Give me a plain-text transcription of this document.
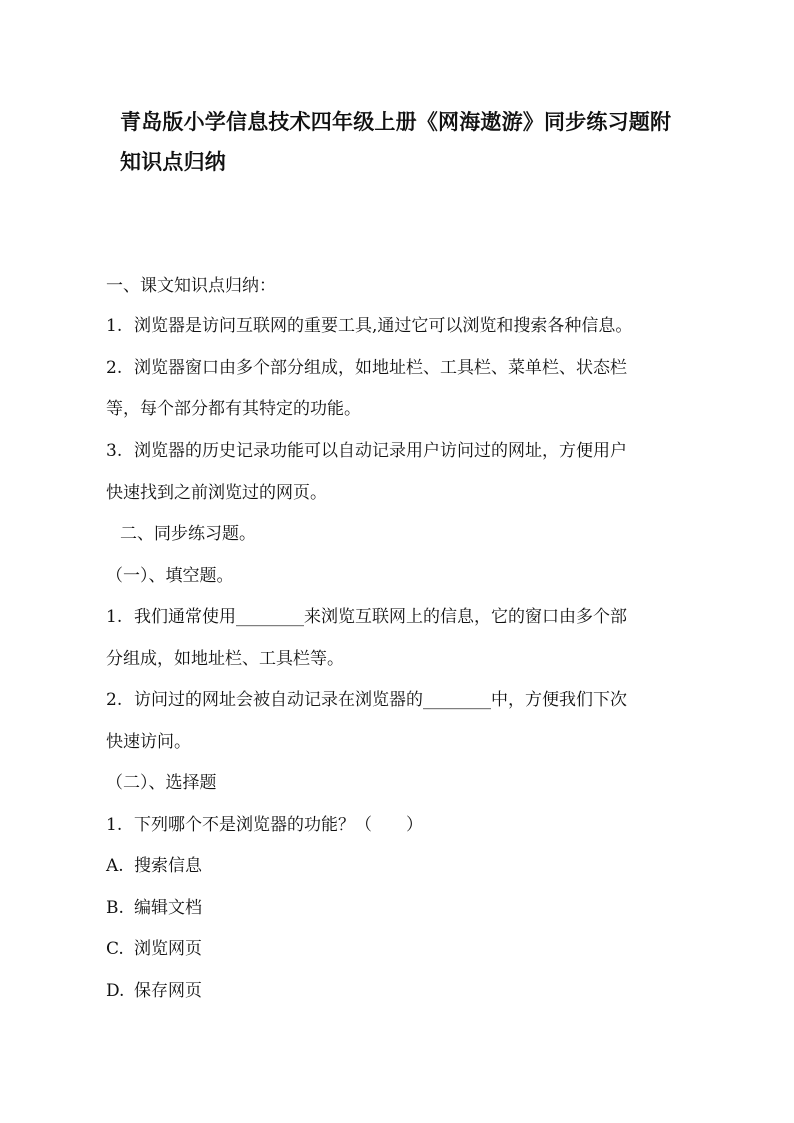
青岛版小学信息技术四年级上册《网海遨游》同步练习题附
知识点归纳
一、课文知识点归纳：
1. 浏览器是访问互联网的重要工具,通过它可以浏览和搜索各种信息。
2. 浏览器窗口由多个部分组成，如地址栏、工具栏、菜单栏、状态栏
等，每个部分都有其特定的功能。
3. 浏览器的历史记录功能可以自动记录用户访问过的网址，方便用户
快速找到之前浏览过的网页。
二、同步练习题。
（一）、填空题。
1. 我们通常使用________来浏览互联网上的信息，它的窗口由多个部
分组成，如地址栏、工具栏等。
2. 访问过的网址会被自动记录在浏览器的________中，方便我们下次
快速访问。
（二）、选择题
1. 下列哪个不是浏览器的功能？（　　）
A. 搜索信息
B. 编辑文档
C. 浏览网页
D. 保存网页
